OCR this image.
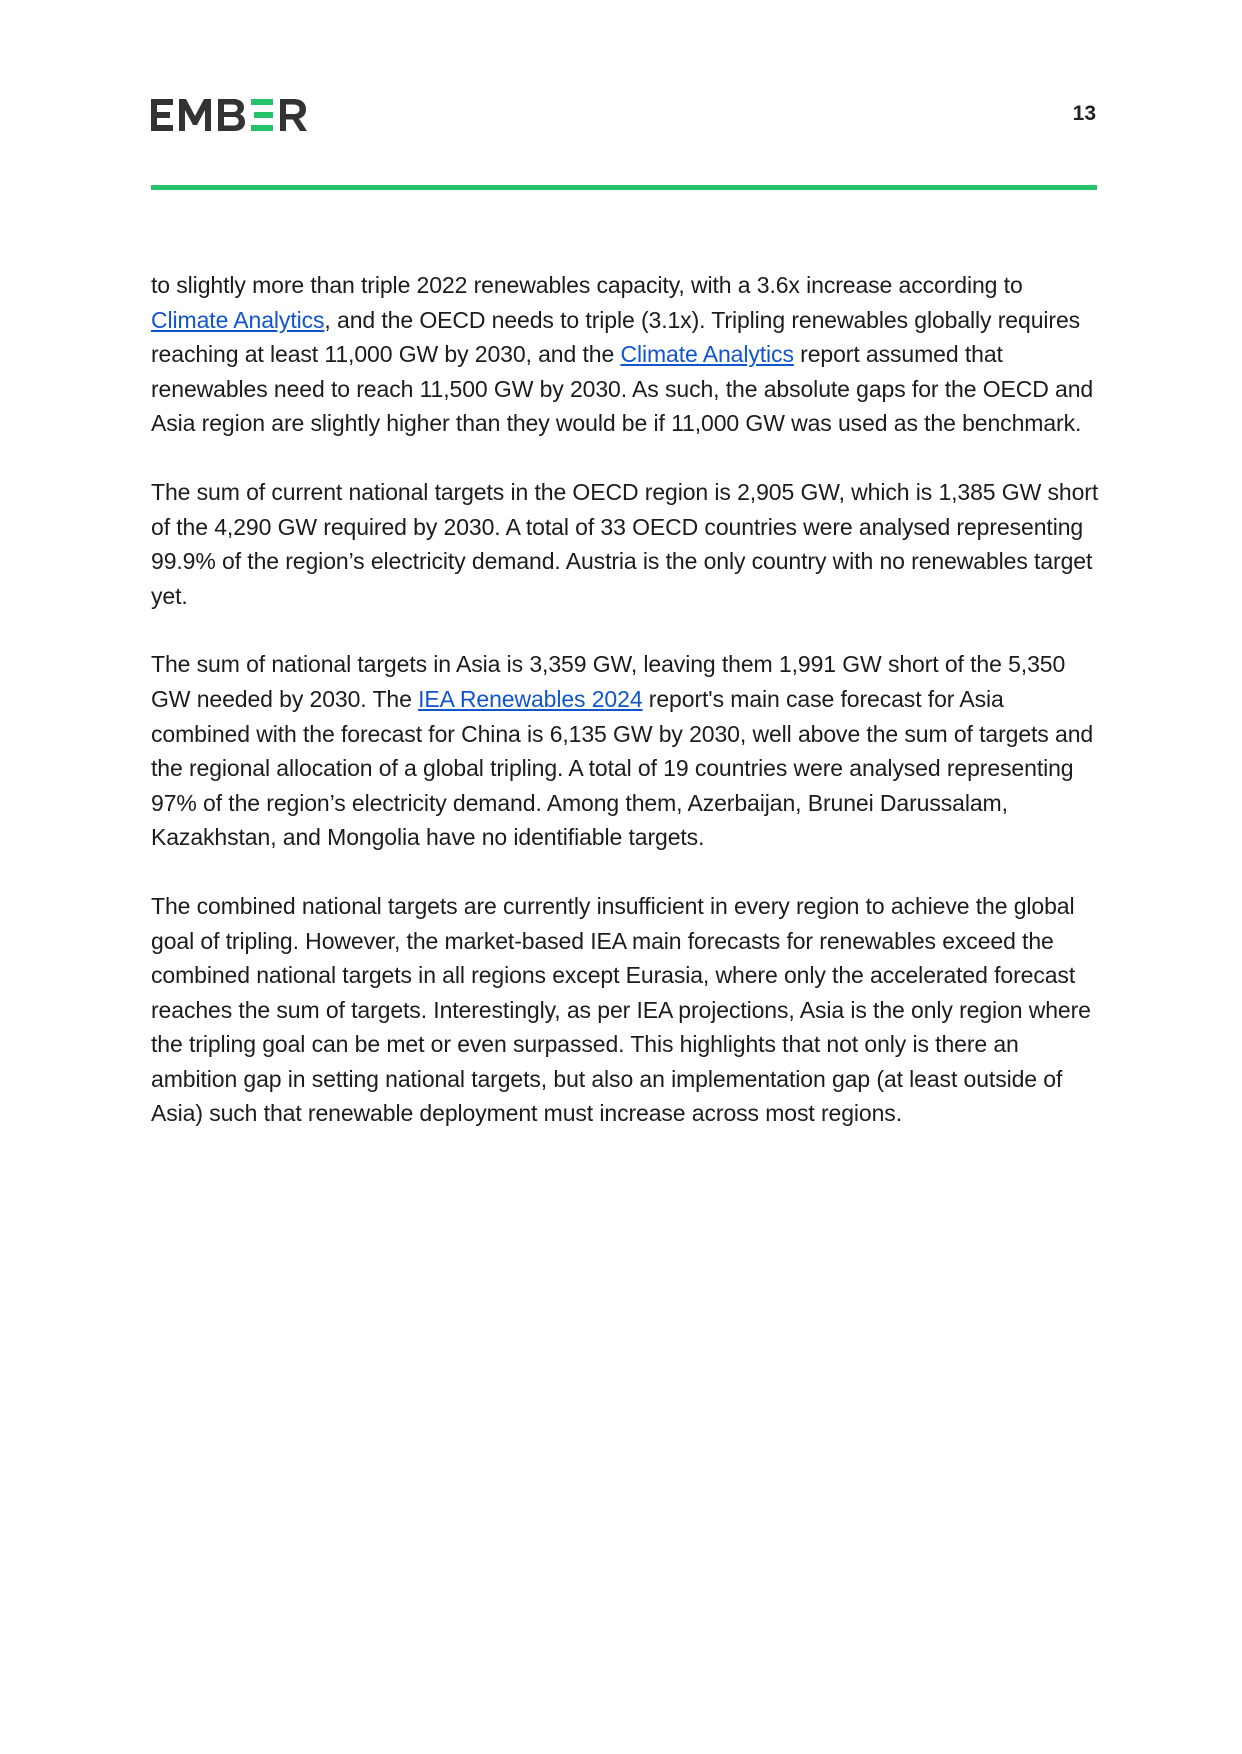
13

to slightly more than triple 2022 renewables capacity, with a 3.6x increase according to Climate Analytics, and the OECD needs to triple (3.1x). Tripling renewables globally requires reaching at least 11,000 GW by 2030, and the Climate Analytics report assumed that renewables need to reach 11,500 GW by 2030. As such, the absolute gaps for the OECD and Asia region are slightly higher than they would be if 11,000 GW was used as the benchmark.

The sum of current national targets in the OECD region is 2,905 GW, which is 1,385 GW short of the 4,290 GW required by 2030. A total of 33 OECD countries were analysed representing 99.9% of the region’s electricity demand. Austria is the only country with no renewables target yet.

The sum of national targets in Asia is 3,359 GW, leaving them 1,991 GW short of the 5,350 GW needed by 2030. The IEA Renewables 2024 report's main case forecast for Asia combined with the forecast for China is 6,135 GW by 2030, well above the sum of targets and the regional allocation of a global tripling. A total of 19 countries were analysed representing 97% of the region’s electricity demand. Among them, Azerbaijan, Brunei Darussalam, Kazakhstan, and Mongolia have no identifiable targets.

The combined national targets are currently insufficient in every region to achieve the global goal of tripling. However, the market-based IEA main forecasts for renewables exceed the combined national targets in all regions except Eurasia, where only the accelerated forecast reaches the sum of targets. Interestingly, as per IEA projections, Asia is the only region where the tripling goal can be met or even surpassed. This highlights that not only is there an ambition gap in setting national targets, but also an implementation gap (at least outside of Asia) such that renewable deployment must increase across most regions.
